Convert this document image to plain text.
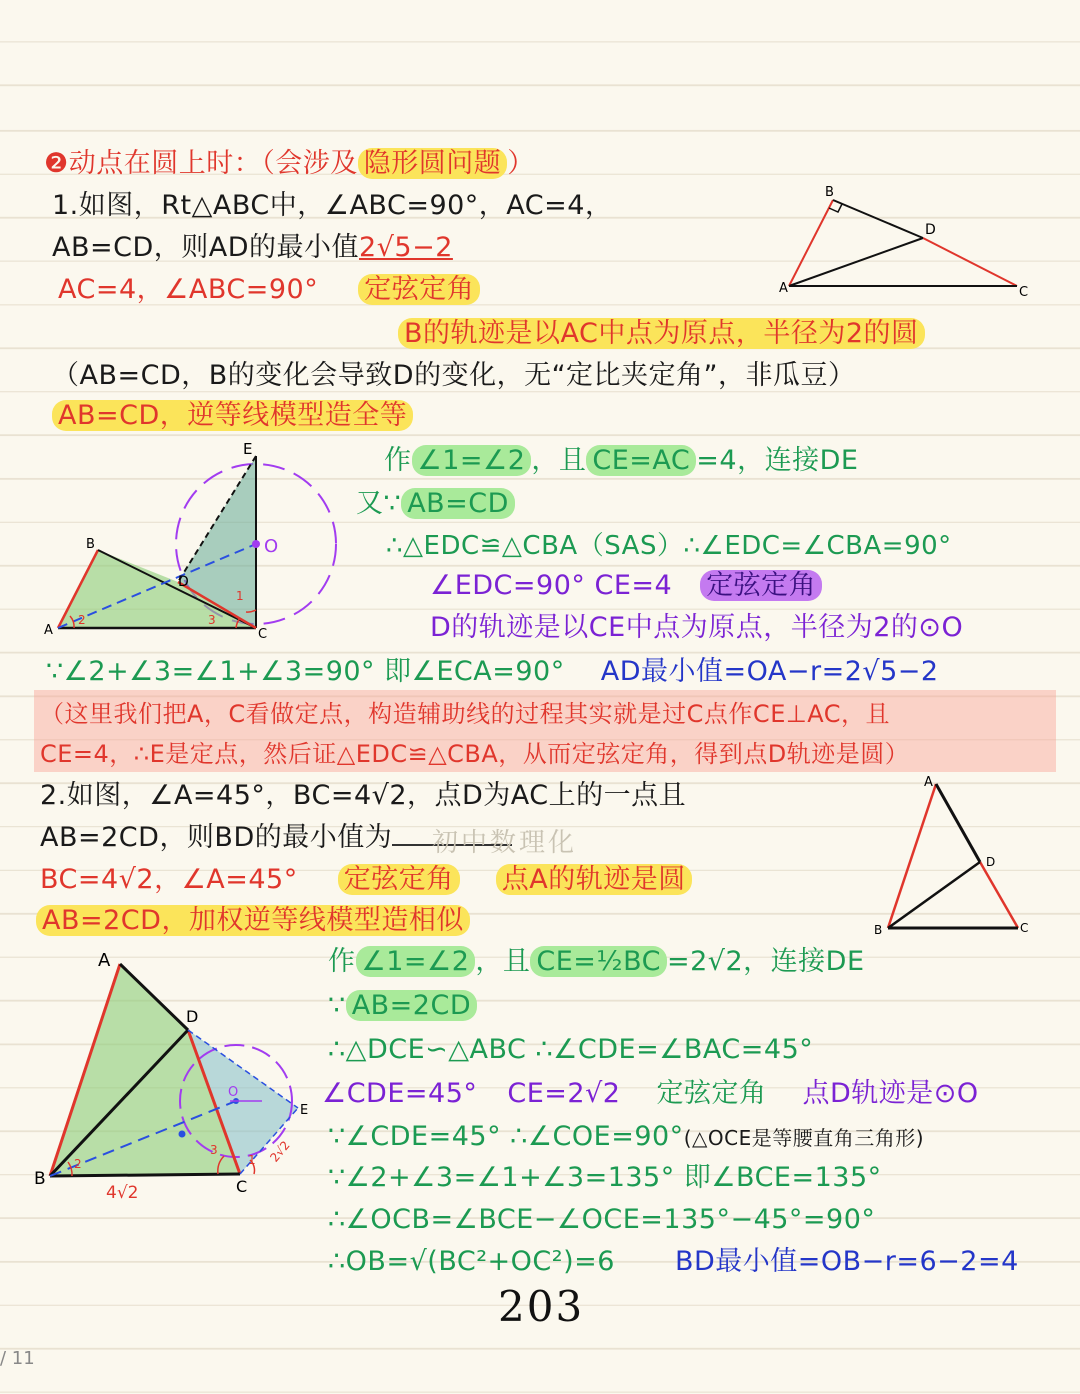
❷动点在圆上时：（会涉及 隐形圆问题 ）
1.如图，Rt△ABC中，∠ABC=90°，AC=4，
AB=CD，则AD的最小值2√5−2
AC=4，∠ABC=90° 定弦定角
B的轨迹是以AC中点为原点，半径为2的圆
（AB=CD，B的变化会导致D的变化，无“定比夹定角”，非瓜豆）
AB=CD，逆等线模型造全等
作 ∠1=∠2 ，且 CE=AC =4，连接DE
又∵ AB=CD
∴△EDC≌△CBA（SAS）∴∠EDC=∠CBA=90°
∠EDC=90° CE=4 定弦定角
D的轨迹是以CE中点为原点，半径为2的⊙O
∵∠2+∠3=∠1+∠3=90° 即∠ECA=90° AD最小值=OA−r=2√5−2
（这里我们把A，C看做定点，构造辅助线的过程其实就是过C点作CE⊥AC，且
CE=4，∴E是定点，然后证△EDC≌△CBA，从而定弦定角，得到点D轨迹是圆）
2.如图，∠A=45°，BC=4√2，点D为AC上的一点且
AB=2CD，则BD的最小值为	初中数理化
BC=4√2，∠A=45° 定弦定角 点A的轨迹是圆
AB=2CD，加权逆等线模型造相似
作 ∠1=∠2 ，且 CE=½BC =2√2，连接DE
∵ AB=2CD
∴△DCE∽△ABC ∴∠CDE=∠BAC=45°
∠CDE=45° CE=2√2 定弦定角 点D轨迹是⊙O
∵∠CDE=45° ∴∠COE=90°(△OCE是等腰直角三角形)
∵∠2+∠3=∠1+∠3=135° 即∠BCE=135°
∴∠OCB=∠BCE−∠OCE=135°−45°=90°
∴OB=√(BC²+OC²)=6 BD最小值=OB−r=6−2=4
203
/ 11
B
D
A	C
E
O
B
D
A	C
1
2	3
A
D
B	C
A
D
O
E
B	C
1
2
3
4√2
2√2
